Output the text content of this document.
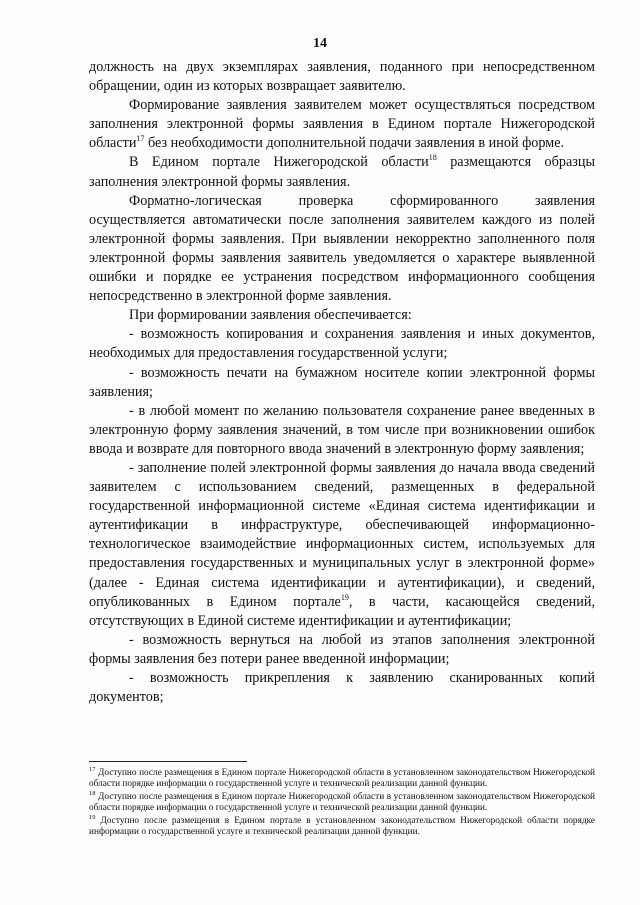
14

должность на двух экземплярах заявления, поданного при непосредственном обращении, один из которых возвращает заявителю.

Формирование заявления заявителем может осуществляться посредством заполнения электронной формы заявления в Едином портале Нижегородской области$^{17}$ без необходимости дополнительной подачи заявления в иной форме.

В Едином портале Нижегородской области$^{18}$ размещаются образцы заполнения электронной формы заявления.

Форматно-логическая проверка сформированного заявления осуществляется автоматически после заполнения заявителем каждого из полей электронной формы заявления. При выявлении некорректно заполненного поля электронной формы заявления заявитель уведомляется о характере выявленной ошибки и порядке ее устранения посредством информационного сообщения непосредственно в электронной форме заявления.

При формировании заявления обеспечивается:

- возможность копирования и сохранения заявления и иных документов, необходимых для предоставления государственной услуги;

- возможность печати на бумажном носителе копии электронной формы заявления;

- в любой момент по желанию пользователя сохранение ранее введенных в электронную форму заявления значений, в том числе при возникновении ошибок ввода и возврате для повторного ввода значений в электронную форму заявления;

- заполнение полей электронной формы заявления до начала ввода сведений заявителем с использованием сведений, размещенных в федеральной государственной информационной системе «Единая система идентификации и аутентификации в инфраструктуре, обеспечивающей информационно-технологическое взаимодействие информационных систем, используемых для предоставления государственных и муниципальных услуг в электронной форме» (далее - Единая система идентификации и аутентификации), и сведений, опубликованных в Едином портале$^{19}$, в части, касающейся сведений, отсутствующих в Единой системе идентификации и аутентификации;

- возможность вернуться на любой из этапов заполнения электронной формы заявления без потери ранее введенной информации;

- возможность прикрепления к заявлению сканированных копий документов;

$^{17}$ Доступно после размещения в Едином портале Нижегородской области в установленном законодательством Нижегородской области порядке информации о государственной услуге и технической реализации данной функции.

$^{18}$ Доступно после размещения в Едином портале Нижегородской области в установленном законодательством Нижегородской области порядке информации о государственной услуге и технической реализации данной функции.

$^{19}$ Доступно после размещения в Едином портале в установленном законодательством Нижегородской области порядке информации о государственной услуге и технической реализации данной функции.
